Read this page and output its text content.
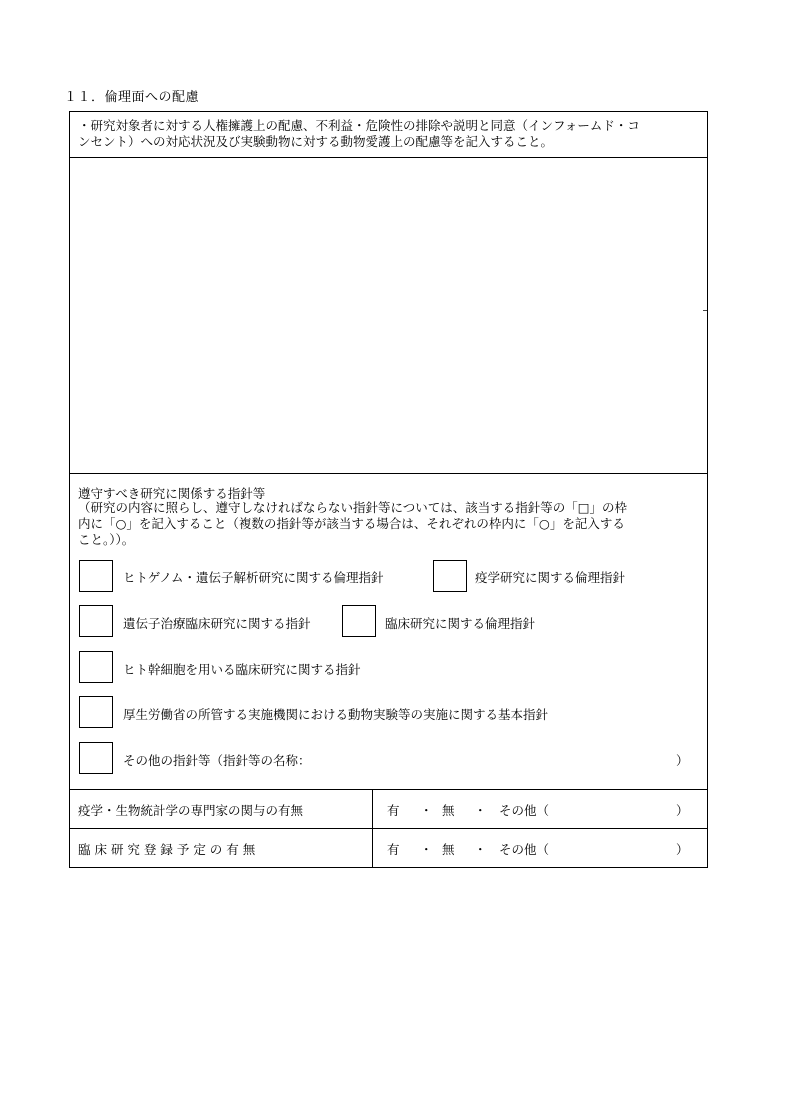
１１．倫理面への配慮
・研究対象者に対する人権擁護上の配慮、不利益・危険性の排除や説明と同意（インフォームド・コ
ンセント）への対応状況及び実験動物に対する動物愛護上の配慮等を記入すること。
遵守すべき研究に関係する指針等
（研究の内容に照らし、遵守しなければならない指針等については、該当する指針等の「□」の枠
内に「○」を記入すること（複数の指針等が該当する場合は、それぞれの枠内に「○」を記入する
こと。））。
ヒトゲノム・遺伝子解析研究に関する倫理指針	疫学研究に関する倫理指針
遺伝子治療臨床研究に関する指針	臨床研究に関する倫理指針
ヒト幹細胞を用いる臨床研究に関する指針
厚生労働省の所管する実施機関における動物実験等の実施に関する基本指針
その他の指針等（指針等の名称：	）
疫学・生物統計学の専門家の関与の有無	有 ・ 無 ・ その他（	）
臨 床 研 究 登 録 予 定 の 有 無	有 ・ 無 ・ その他（	）
